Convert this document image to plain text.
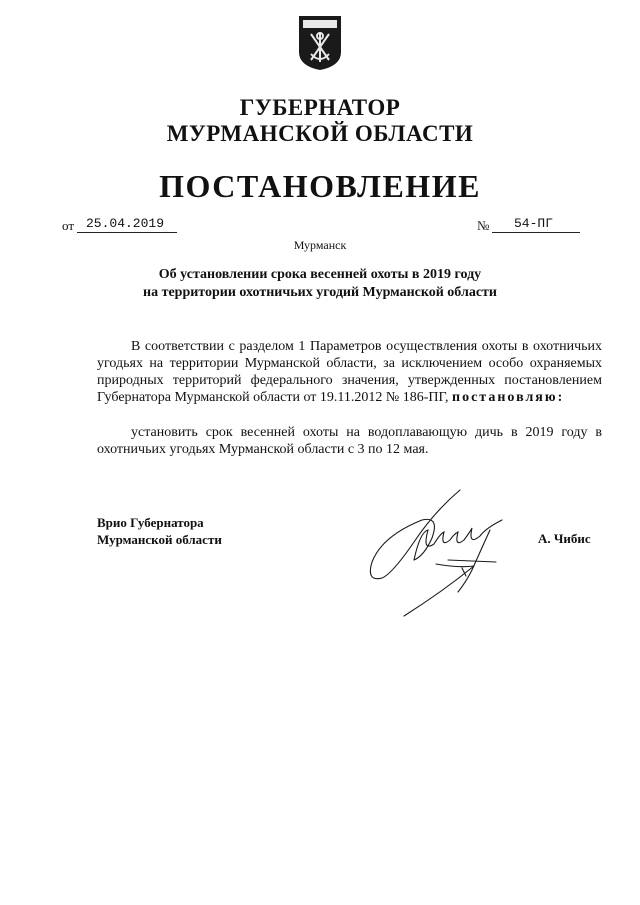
ГУБЕРНАТОР
МУРМАНСКОЙ ОБЛАСТИ
ПОСТАНОВЛЕНИЕ
от 25.04.2019	№ 54-ПГ
Мурманск
Об установлении срока весенней охоты в 2019 году
на территории охотничьих угодий Мурманской области
В соответствии с разделом 1 Параметров осуществления охоты в охотничьих угодьях на территории Мурманской области, за исключением особо охраняемых природных территорий федерального значения, утвержденных постановлением Губернатора Мурманской области от 19.11.2012 № 186-ПГ, постановляю:
установить срок весенней охоты на водоплавающую дичь в 2019 году в охотничьих угодьях Мурманской области с 3 по 12 мая.
Врио Губернатора
Мурманской области	А. Чибис
